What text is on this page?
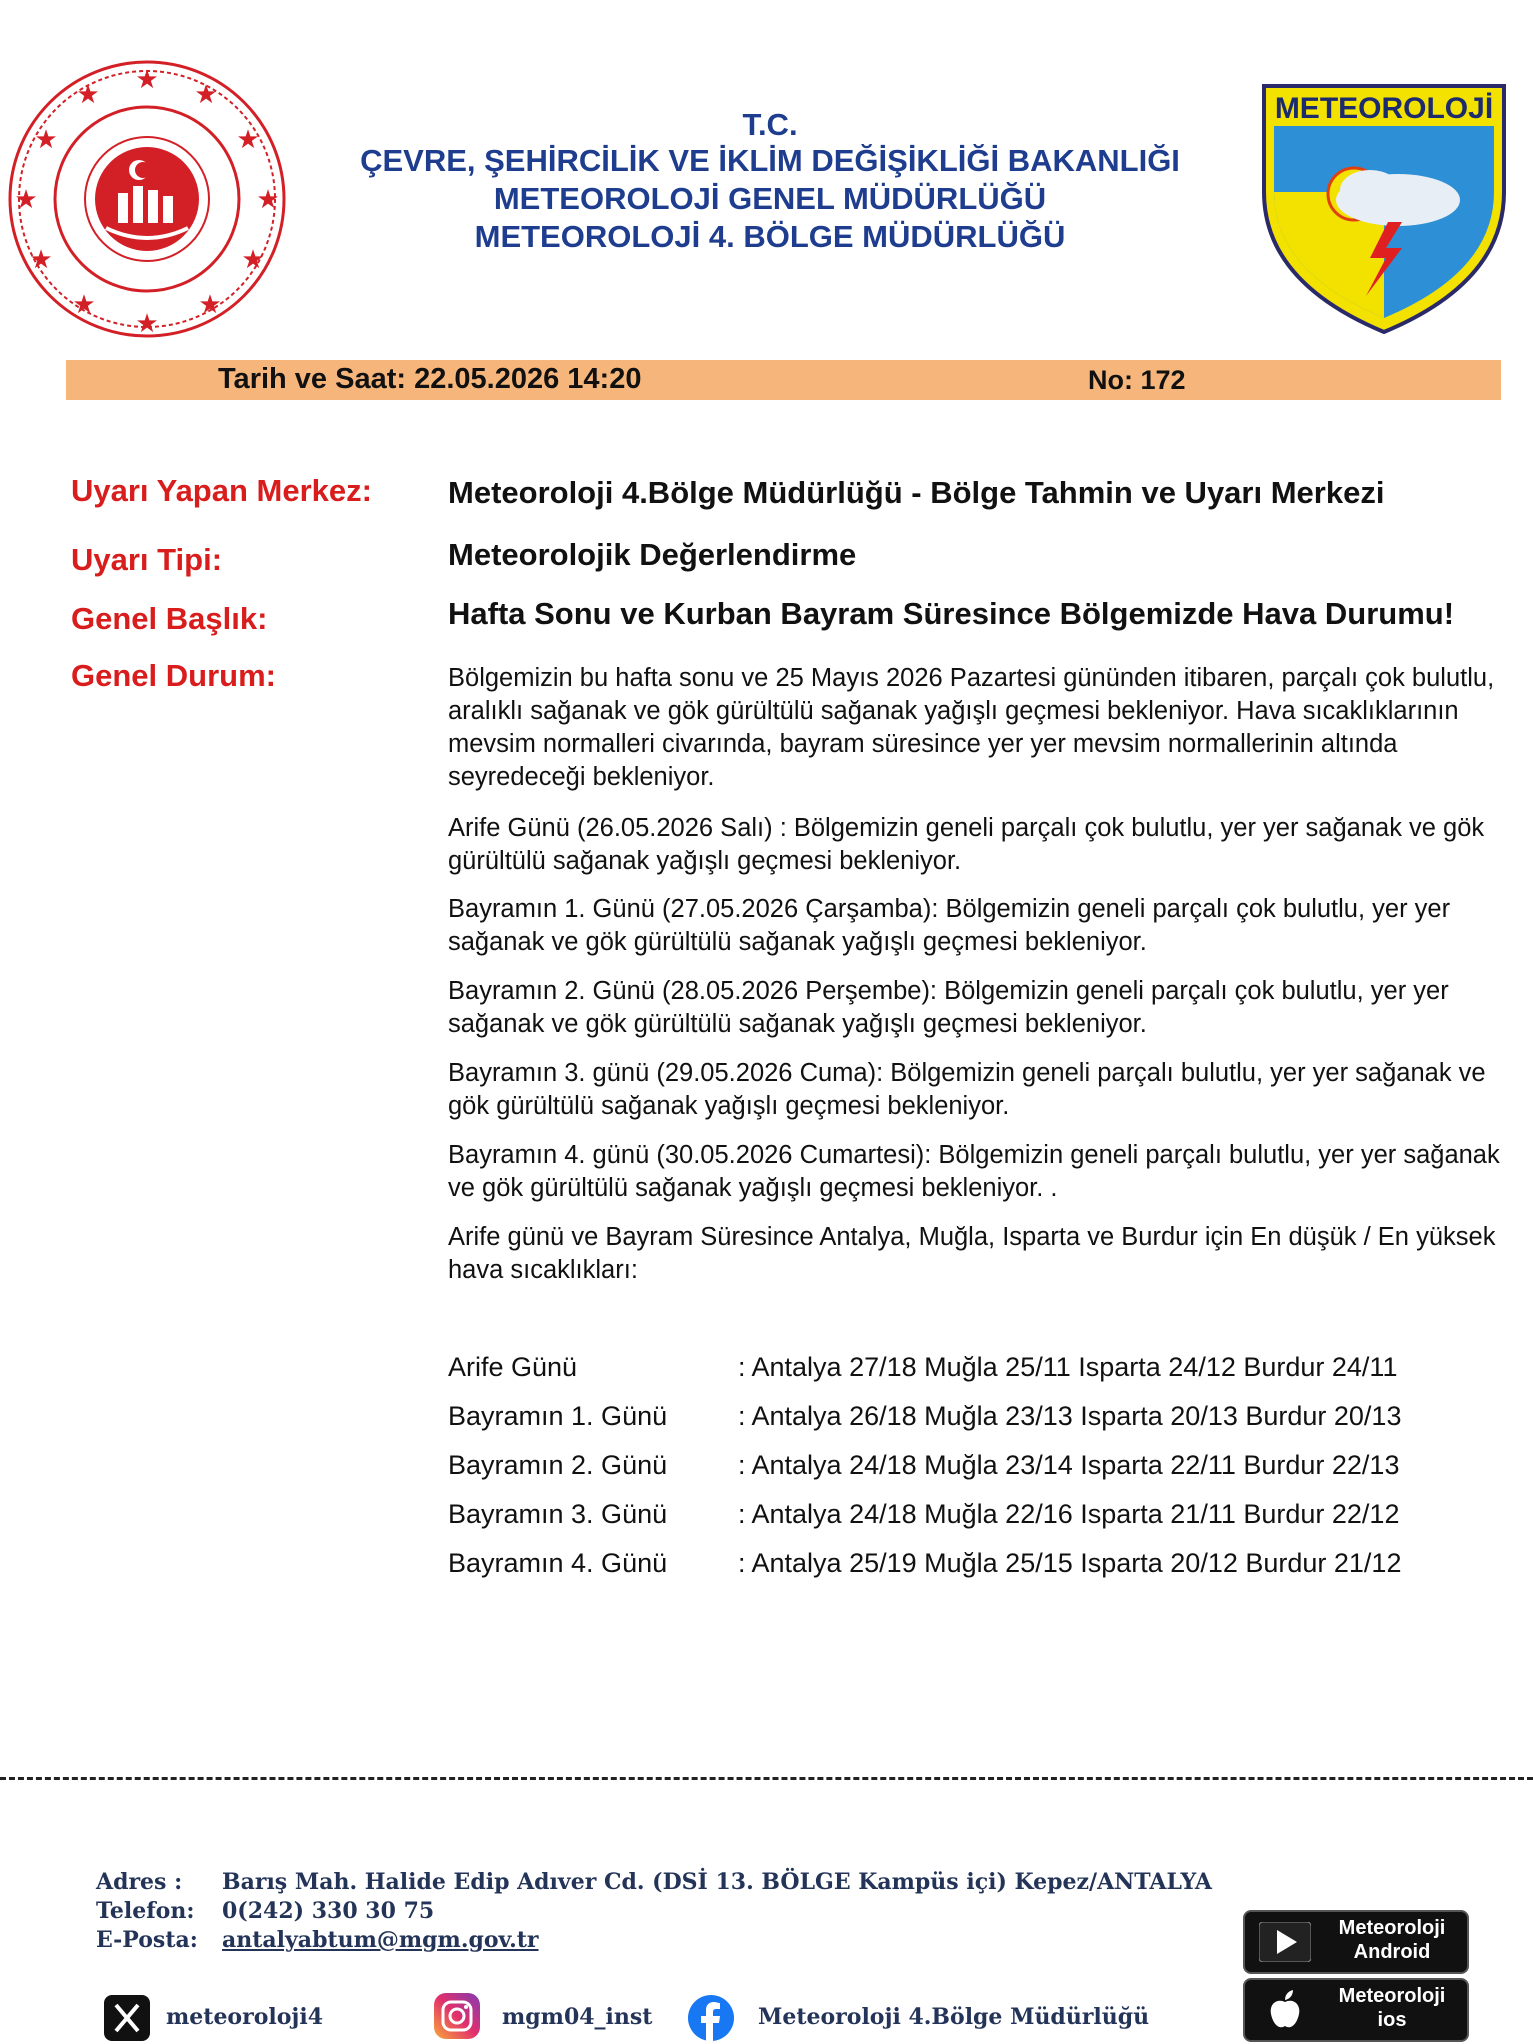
★
★	★
★	★
★	★
★	★
★	★
★
T.C.
ÇEVRE, ŞEHİRCİLİK VE İKLİM DEĞİŞİKLİĞİ BAKANLIĞI
METEOROLOJİ GENEL MÜDÜRLÜĞÜ
METEOROLOJİ 4. BÖLGE MÜDÜRLÜĞÜ
METEOROLOJİ
Tarih ve Saat: 22.05.2026 14:20	No: 172
Uyarı Yapan Merkez: Meteoroloji 4.Bölge Müdürlüğü - Bölge Tahmin ve Uyarı Merkezi
Uyarı Tipi:	Meteorolojik Değerlendirme
Genel Başlık:	Hafta Sonu ve Kurban Bayram Süresince Bölgemizde Hava Durumu!
Genel Durum:	Bölgemizin bu hafta sonu ve 25 Mayıs 2026 Pazartesi gününden itibaren, parçalı çok bulutlu, aralıklı sağanak ve gök gürültülü sağanak yağışlı geçmesi bekleniyor. Hava sıcaklıklarının mevsim normalleri civarında, bayram süresince yer yer mevsim normallerinin altında seyredeceği bekleniyor.
Arife Günü (26.05.2026 Salı) : Bölgemizin geneli parçalı çok bulutlu, yer yer sağanak ve gök gürültülü sağanak yağışlı geçmesi bekleniyor.
Bayramın 1. Günü (27.05.2026 Çarşamba): Bölgemizin geneli parçalı çok bulutlu, yer yer sağanak ve gök gürültülü sağanak yağışlı geçmesi bekleniyor.
Bayramın 2. Günü (28.05.2026 Perşembe): Bölgemizin geneli parçalı çok bulutlu, yer yer sağanak ve gök gürültülü sağanak yağışlı geçmesi bekleniyor.
Bayramın 3. günü (29.05.2026 Cuma): Bölgemizin geneli parçalı bulutlu, yer yer sağanak ve gök gürültülü sağanak yağışlı geçmesi bekleniyor.
Bayramın 4. günü (30.05.2026 Cumartesi): Bölgemizin geneli parçalı bulutlu, yer yer sağanak ve gök gürültülü sağanak yağışlı geçmesi bekleniyor. .
Arife günü ve Bayram Süresince Antalya, Muğla, Isparta ve Burdur için En düşük / En yüksek hava sıcaklıkları:
Arife Günü	: Antalya 27/18 Muğla 25/11 Isparta 24/12 Burdur 24/11
Bayramın 1. Günü	: Antalya 26/18 Muğla 23/13 Isparta 20/13 Burdur 20/13
Bayramın 2. Günü	: Antalya 24/18 Muğla 23/14 Isparta 22/11 Burdur 22/13
Bayramın 3. Günü	: Antalya 24/18 Muğla 22/16 Isparta 21/11 Burdur 22/12
Bayramın 4. Günü	: Antalya 25/19 Muğla 25/15 Isparta 20/12 Burdur 21/12
Adres : Barış Mah. Halide Edip Adıver Cd. (DSİ 13. BÖLGE Kampüs içi) Kepez/ANTALYA
Telefon: 0(242) 330 30 75
E-Posta: antalyabtum@mgm.gov.tr	Meteoroloji
Android
Meteoroloji
ios
meteoroloji4	mgm04_inst	Meteoroloji 4.Bölge Müdürlüğü
